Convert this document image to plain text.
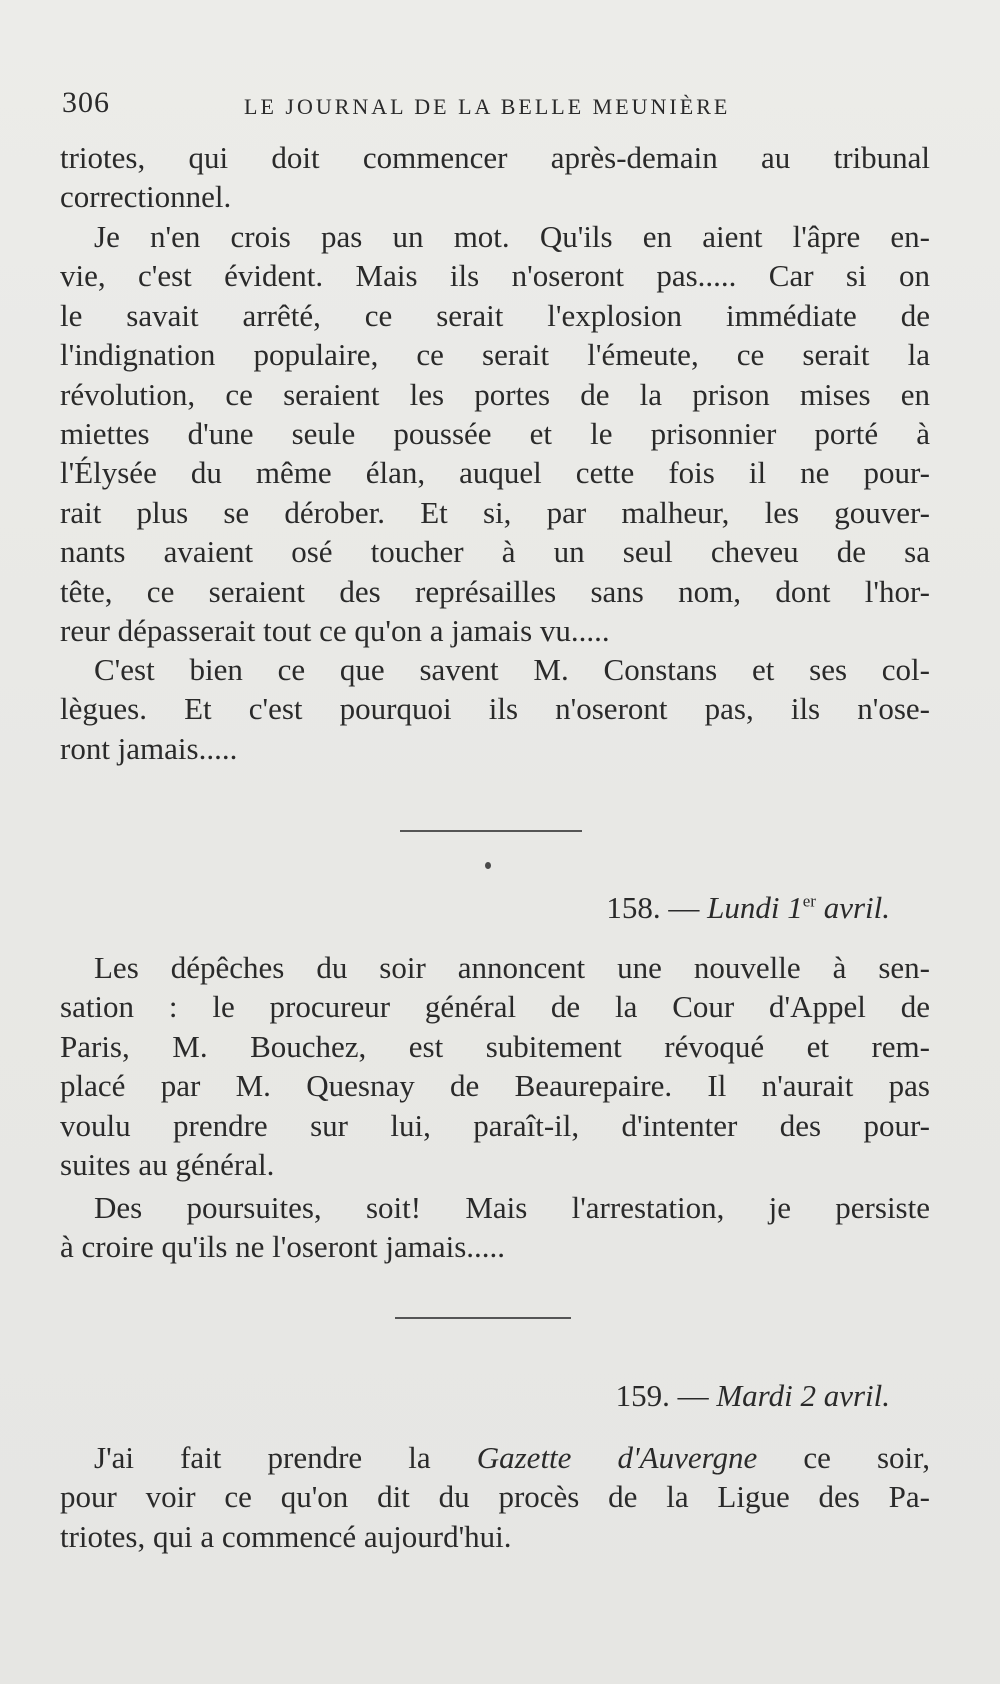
306	LE JOURNAL DE LA BELLE MEUNIÈRE

triotes, qui doit commencer après-demain au tribunal
correctionnel.

Je n'en crois pas un mot. Qu'ils en aient l'âpre en-
vie, c'est évident. Mais ils n'oseront pas..... Car si on
le savait arrêté, ce serait l'explosion immédiate de
l'indignation populaire, ce serait l'émeute, ce serait la
révolution, ce seraient les portes de la prison mises en
miettes d'une seule poussée et le prisonnier porté à
l'Élysée du même élan, auquel cette fois il ne pour-
rait plus se dérober. Et si, par malheur, les gouver-
nants avaient osé toucher à un seul cheveu de sa
tête, ce seraient des représailles sans nom, dont l'hor-
reur dépasserait tout ce qu'on a jamais vu.....

C'est bien ce que savent M. Constans et ses col-
lègues. Et c'est pourquoi ils n'oseront pas, ils n'ose-
ront jamais.....

158. — Lundi 1er avril.

Les dépêches du soir annoncent une nouvelle à sen-
sation : le procureur général de la Cour d'Appel de
Paris, M. Bouchez, est subitement révoqué et rem-
placé par M. Quesnay de Beaurepaire. Il n'aurait pas
voulu prendre sur lui, paraît-il, d'intenter des pour-
suites au général.

Des poursuites, soit! Mais l'arrestation, je persiste
à croire qu'ils ne l'oseront jamais.....

159. — Mardi 2 avril.

J'ai fait prendre la Gazette d'Auvergne ce soir,
pour voir ce qu'on dit du procès de la Ligue des Pa-
triotes, qui a commencé aujourd'hui.
